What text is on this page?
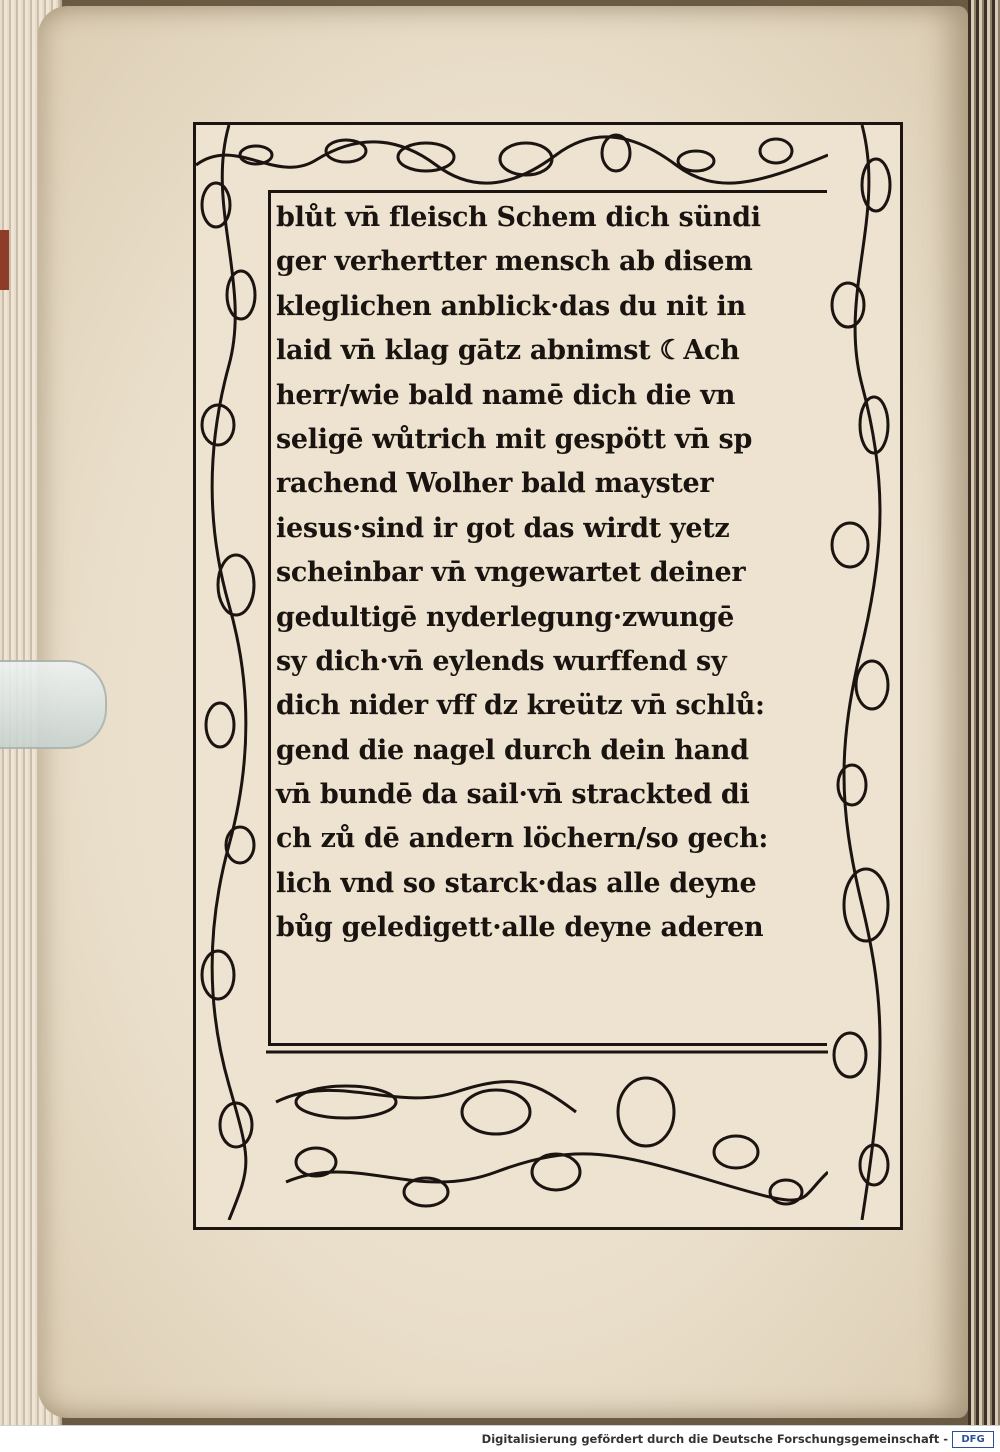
blůt vn̄ fleisch Schem dich sündi
ger verhertter mensch ab disem
kleglichen anblick·das du nit in
laid vn̄ klag gātz abnimst ☾Ach
herr/wie bald namē dich die vn
seligē wůtrich mit gespött vn̄ sp
rachend Wolher bald mayster
iesus·sind ir got das wirdt yetz
scheinbar vn̄ vngewartet deiner
gedultigē nyderlegung·zwungē
sy dich·vn̄ eylends wurffend sy
dich nider vff dz kreütz vn̄ schlů:
gend die nagel durch dein hand
vn̄ bundē da sail·vn̄ strackted di
ch zů dē andern löchern/so gech:
lich vnd so starck·das alle deyne
bůg geledigett·alle deyne aderen
Digitalisierung gefördert durch die Deutsche Forschungsgemeinschaft -	DFG
